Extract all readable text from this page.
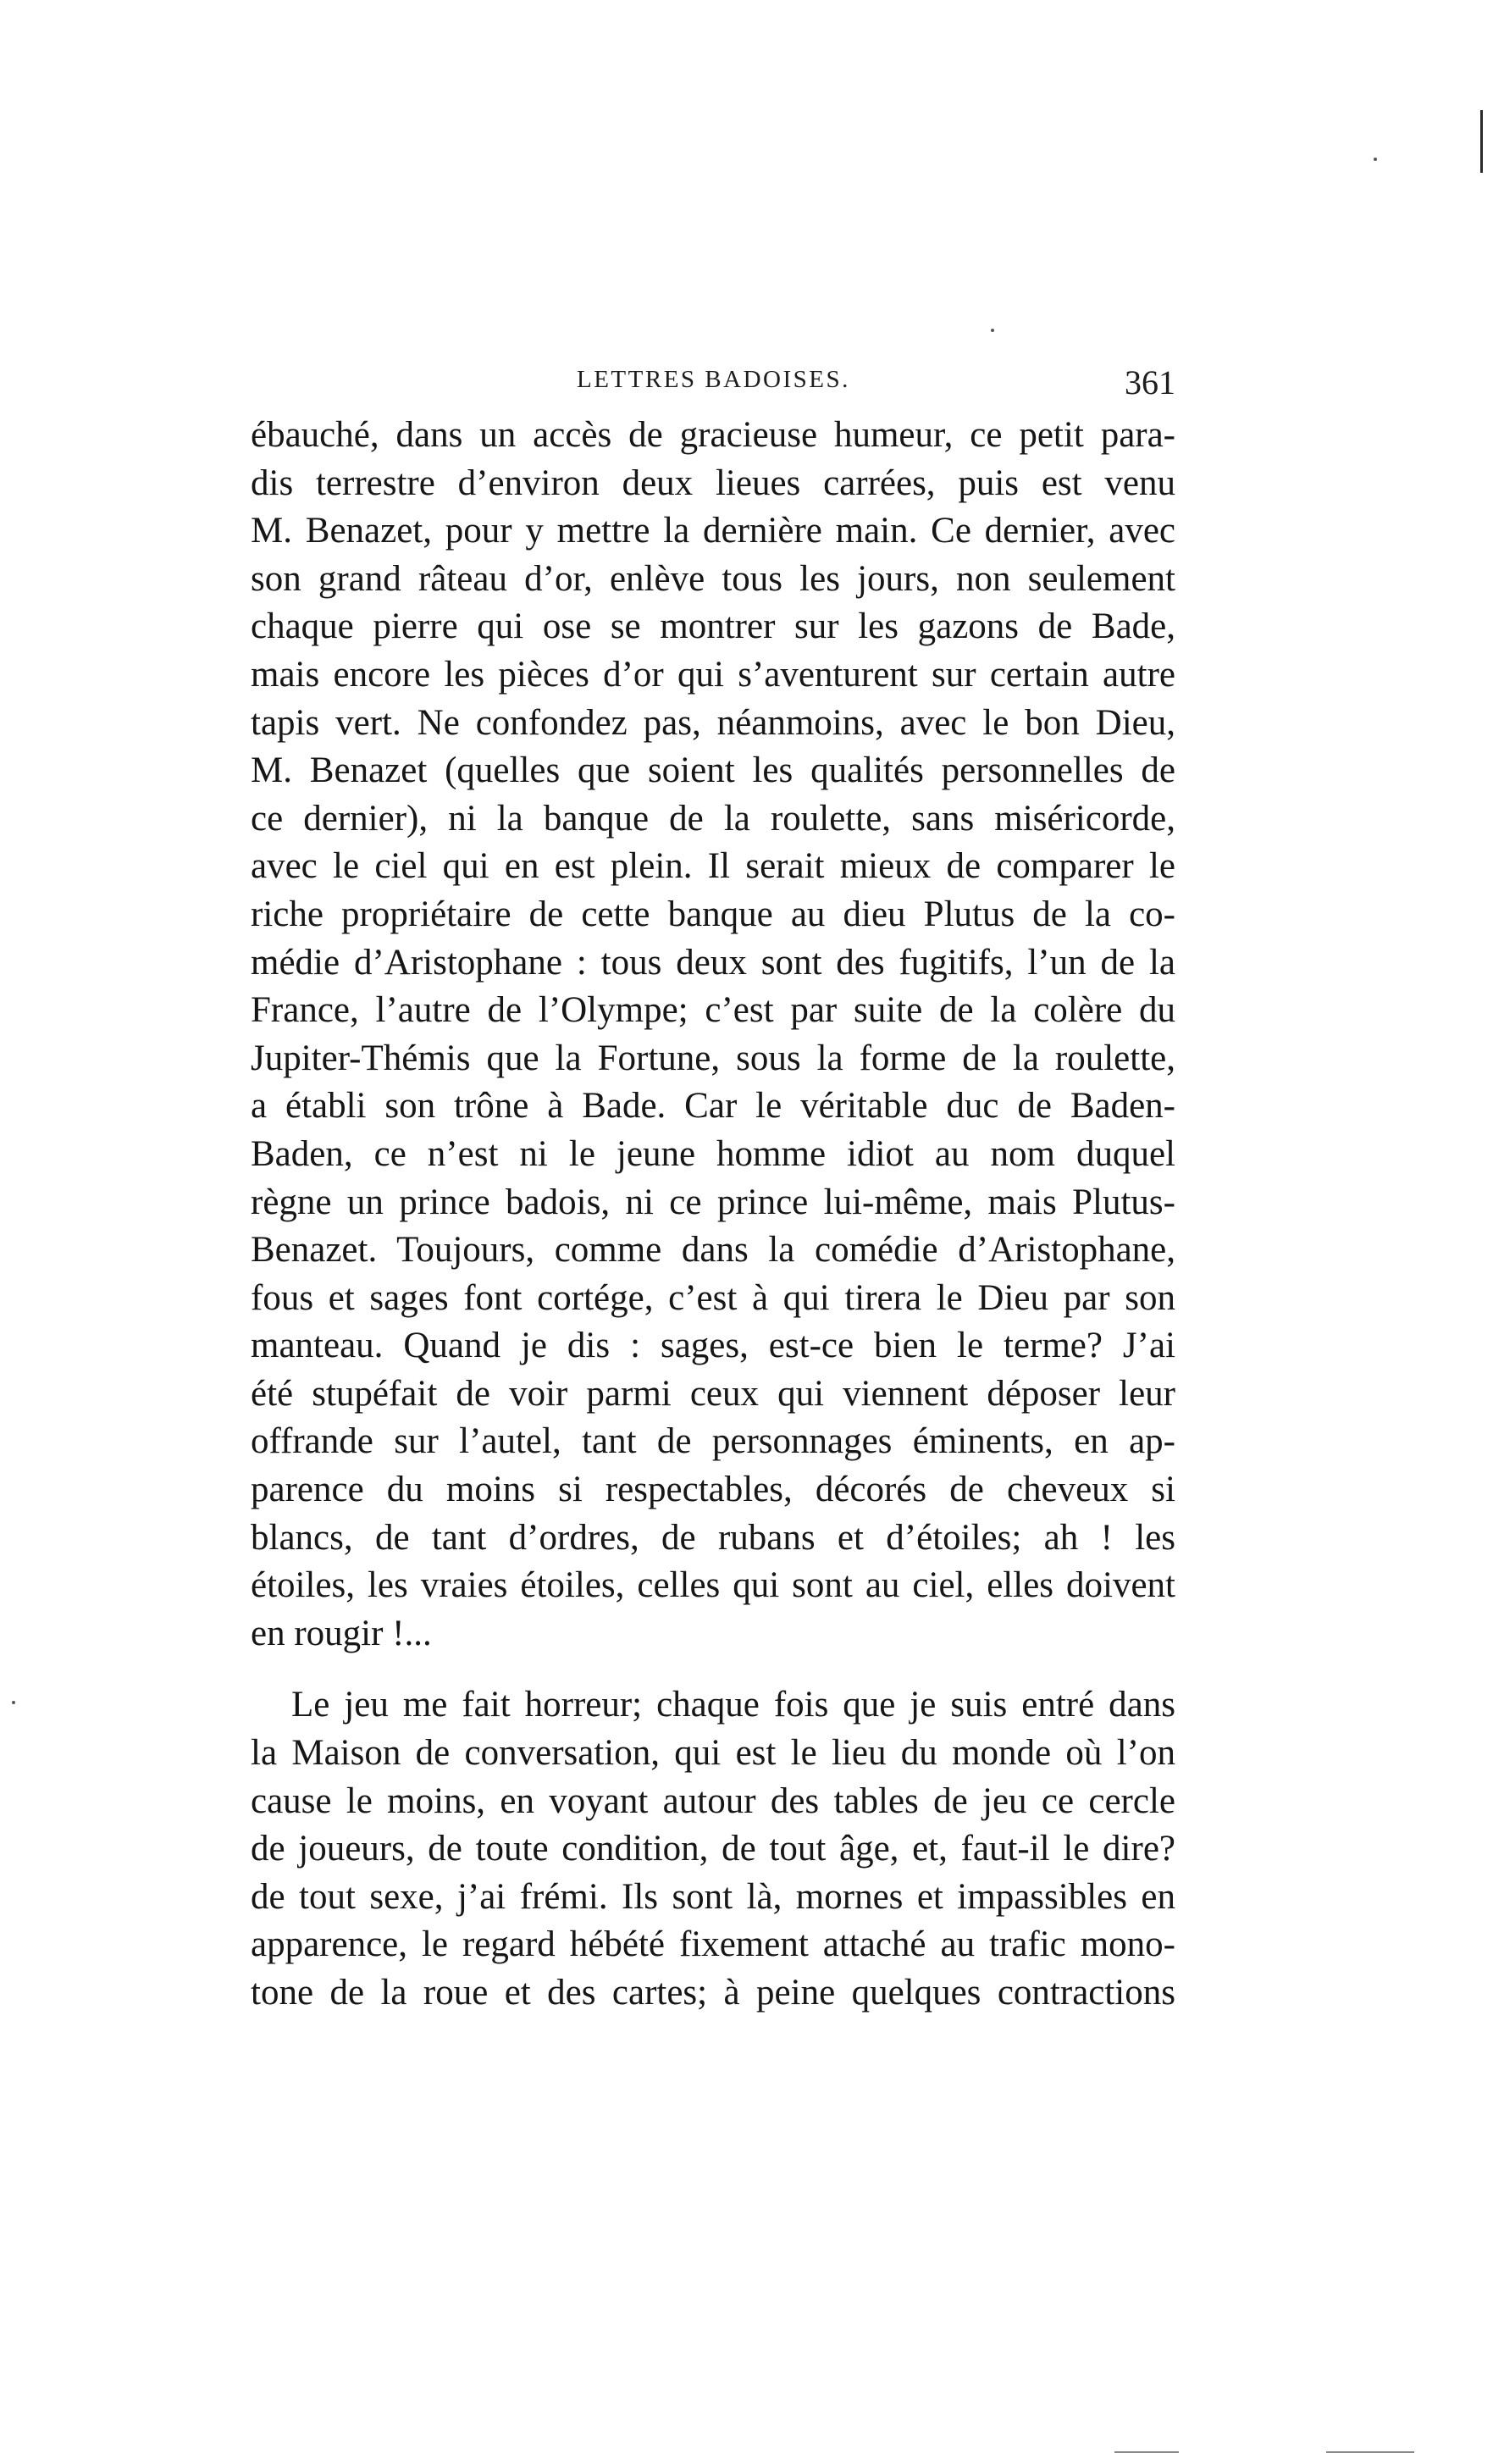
LETTRES BADOISES.	361
ébauché, dans un accès de gracieuse humeur, ce petit para-
dis terrestre d’environ deux lieues carrées, puis est venu
M. Benazet, pour y mettre la dernière main. Ce dernier, avec
son grand râteau d’or, enlève tous les jours, non seulement
chaque pierre qui ose se montrer sur les gazons de Bade,
mais encore les pièces d’or qui s’aventurent sur certain autre
tapis vert. Ne confondez pas, néanmoins, avec le bon Dieu,
M. Benazet (quelles que soient les qualités personnelles de
ce dernier), ni la banque de la roulette, sans miséricorde,
avec le ciel qui en est plein. Il serait mieux de comparer le
riche propriétaire de cette banque au dieu Plutus de la co-
médie d’Aristophane : tous deux sont des fugitifs, l’un de la
France, l’autre de l’Olympe; c’est par suite de la colère du
Jupiter-Thémis que la Fortune, sous la forme de la roulette,
a établi son trône à Bade. Car le véritable duc de Baden-
Baden, ce n’est ni le jeune homme idiot au nom duquel
règne un prince badois, ni ce prince lui-même, mais Plutus-
Benazet. Toujours, comme dans la comédie d’Aristophane,
fous et sages font cortége, c’est à qui tirera le Dieu par son
manteau. Quand je dis : sages, est-ce bien le terme? J’ai
été stupéfait de voir parmi ceux qui viennent déposer leur
offrande sur l’autel, tant de personnages éminents, en ap-
parence du moins si respectables, décorés de cheveux si
blancs, de tant d’ordres, de rubans et d’étoiles; ah ! les
étoiles, les vraies étoiles, celles qui sont au ciel, elles doivent
en rougir !...
Le jeu me fait horreur; chaque fois que je suis entré dans
la Maison de conversation, qui est le lieu du monde où l’on
cause le moins, en voyant autour des tables de jeu ce cercle
de joueurs, de toute condition, de tout âge, et, faut-il le dire?
de tout sexe, j’ai frémi. Ils sont là, mornes et impassibles en
apparence, le regard hébété fixement attaché au trafic mono-
tone de la roue et des cartes; à peine quelques contractions
